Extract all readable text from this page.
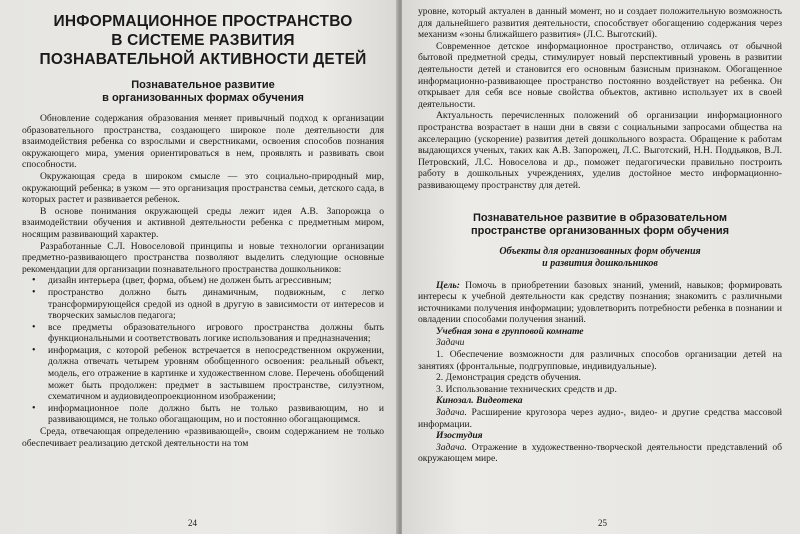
ИНФОРМАЦИОННОЕ ПРОСТРАНСТВО
В СИСТЕМЕ РАЗВИТИЯ
ПОЗНАВАТЕЛЬНОЙ АКТИВНОСТИ ДЕТЕЙ
Познавательное развитие
в организованных формах обучения

Обновление содержания образования меняет привычный подход к организации образовательного пространства, создающего широкое поле деятельности для взаимодействия ребенка со взрослыми и сверстниками, освоения способов познания окружающего мира, умения ориентироваться в нем, проявлять и развивать свои способности.

Окружающая среда в широком смысле — это социально-природный мир, окружающий ребенка; в узком — это организация пространства семьи, детского сада, в которых растет и развивается ребенок.

В основе понимания окружающей среды лежит идея А.В. Запорожца о взаимодействии обучения и активной деятельности ребенка с предметным миром, носящим развивающий характер.

Разработанные С.Л. Новоселовой принципы и новые технологии организации предметно-развивающего пространства позволяют выделить следующие основные рекомендации для организации познавательного пространства дошкольников:

• дизайн интерьера (цвет, форма, объем) не должен быть агрессивным;
• пространство должно быть динамичным, подвижным, с легко трансформирующейся средой из одной в другую в зависимости от интересов и творческих замыслов педагога;
• все предметы образовательного игрового пространства должны быть функциональными и соответствовать логике использования и предназначения;
• информация, с которой ребенок встречается в непосредственном окружении, должна отвечать четырем уровням обобщенного освоения: реальный объект, модель, его отражение в картинке и художественном слове. Перечень обобщений может быть продолжен: предмет в застывшем пространстве, силуэтном, схематичном и аудиовидеопроекционном изображении;
• информационное поле должно быть не только развивающим, но и развивающимся, не только обогащающим, но и постоянно обогащающимся.

Среда, отвечающая определению «развивающей», своим содержанием не только обеспечивает реализацию детской деятельности на том

24

уровне, который актуален в данный момент, но и создает положительную возможность для дальнейшего развития деятельности, способствует обогащению содержания через механизм «зоны ближайшего развития» (Л.С. Выготский).

Современное детское информационное пространство, отличаясь от обычной бытовой предметной среды, стимулирует новый перспективный уровень в развитии деятельности детей и становится его основным базисным признаком. Обогащенное информационно-развивающее пространство постоянно воздействует на ребенка. Он открывает для себя все новые свойства объектов, активно использует их в своей деятельности.

Актуальность перечисленных положений об организации информационного пространства возрастает в наши дни в связи с социальными запросами общества на акселерацию (ускорение) развития детей дошкольного возраста. Обращение к работам выдающихся ученых, таких как А.В. Запорожец, Л.С. Выготский, Н.Н. Поддьяков, В.Л. Петровский, Л.С. Новоселова и др., поможет педагогически правильно построить работу в дошкольных учреждениях, уделив достойное место информационно-развивающему пространству для детей.

Познавательное развитие в образовательном
пространстве организованных форм обучения
Объекты для организованных форм обучения
и развития дошкольников

Цель: Помочь в приобретении базовых знаний, умений, навыков; формировать интересы к учебной деятельности как средству познания; знакомить с различными источниками получения информации; удовлетворить потребности ребенка в познании и овладении способами получения знаний.

Учебная зона в групповой комнате
Задачи

1. Обеспечение возможности для различных способов организации детей на занятиях (фронтальные, подгрупповые, индивидуальные).

2. Демонстрация средств обучения.

3. Использование технических средств и др.

Кинозал. Видеотека

Задача. Расширение кругозора через аудио-, видео- и другие средства массовой информации.

Изостудия

Задача. Отражение в художественно-творческой деятельности представлений об окружающем мире.

25
